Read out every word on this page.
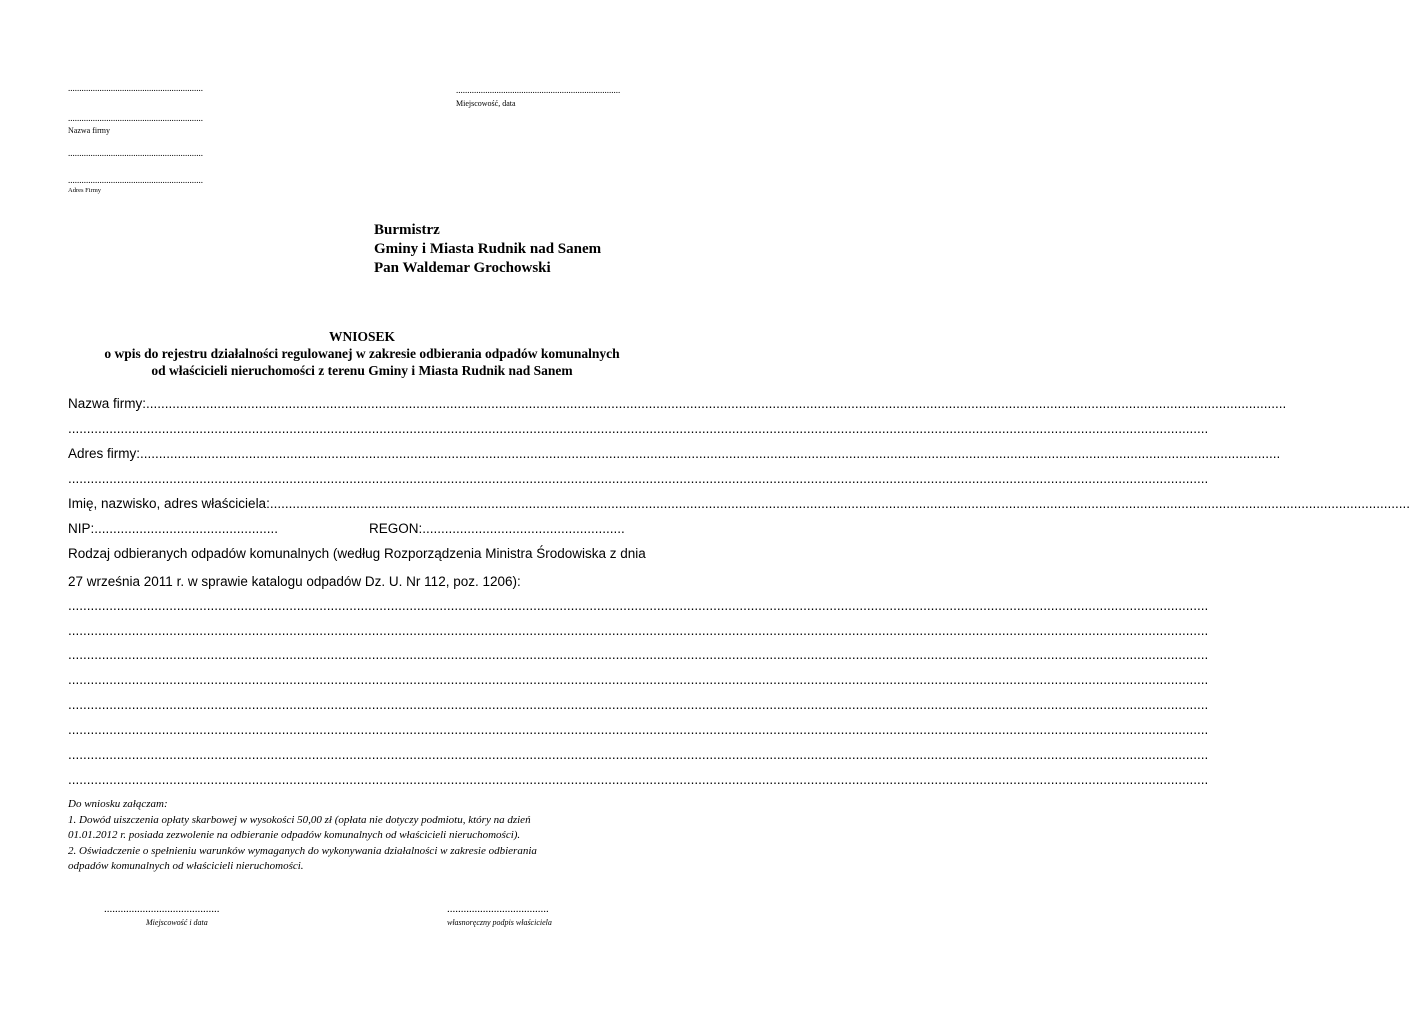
............................................................
............................................................
Nazwa firmy
............................................................
............................................................
Adres Firmy
.........................................................................
Miejscowość, data
Burmistrz
Gminy i Miasta Rudnik nad Sanem
Pan Waldemar Grochowski
WNIOSEK
o wpis do rejestru działalności regulowanej w zakresie odbierania odpadów komunalnych
od właścicieli nieruchomości z terenu Gminy i Miasta Rudnik nad Sanem
Nazwa firmy:................................................................................................................................................................................................................................................................................................................
................................................................................................................................................................................................................................................................................................................
Adres firmy:................................................................................................................................................................................................................................................................................................................
................................................................................................................................................................................................................................................................................................................
Imię, nazwisko, adres właściciela:................................................................................................................................................................................................................................................................................................................
NIP:.................................................	REGON:......................................................
Rodzaj odbieranych odpadów komunalnych (według Rozporządzenia Ministra Środowiska z dnia
27 września 2011 r. w sprawie katalogu odpadów Dz. U. Nr 112, poz. 1206):
................................................................................................................................................................................................................................................................................................................
................................................................................................................................................................................................................................................................................................................
................................................................................................................................................................................................................................................................................................................
................................................................................................................................................................................................................................................................................................................
................................................................................................................................................................................................................................................................................................................
................................................................................................................................................................................................................................................................................................................
................................................................................................................................................................................................................................................................................................................
................................................................................................................................................................................................................................................................................................................
Do wniosku załączam:
1. Dowód uiszczenia opłaty skarbowej w wysokości 50,00 zł (opłata nie dotyczy podmiotu, który na dzień
01.01.2012 r. posiada zezwolenie na odbieranie odpadów komunalnych od właścicieli nieruchomości).
2. Oświadczenie o spełnieniu warunków wymaganych do wykonywania działalności w zakresie odbierania
odpadów komunalnych od właścicieli nieruchomości.
..........................................
Miejscowość i data
.....................................
własnoręczny podpis właściciela
